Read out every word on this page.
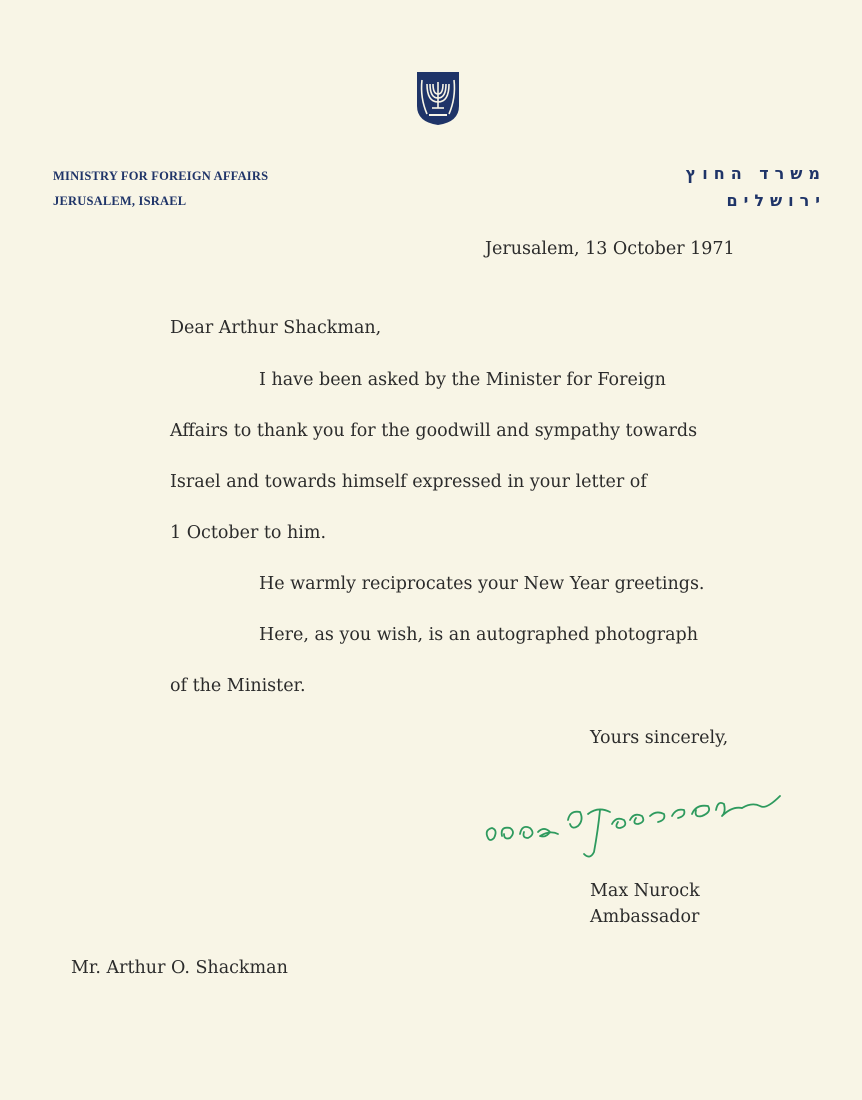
MINISTRY FOR FOREIGN AFFAIRS
JERUSALEM, ISRAEL
משרד החוץ
ירושלים
Jerusalem, 13 October 1971
Dear Arthur Shackman,
I have been asked by the Minister for Foreign
Affairs to thank you for the goodwill and sympathy towards
Israel and towards himself expressed in your letter of
1 October to him.
He warmly reciprocates your New Year greetings.
Here, as you wish, is an autographed photograph
of the Minister.
Yours sincerely,
Max Nurock
Ambassador
Mr. Arthur O. Shackman
